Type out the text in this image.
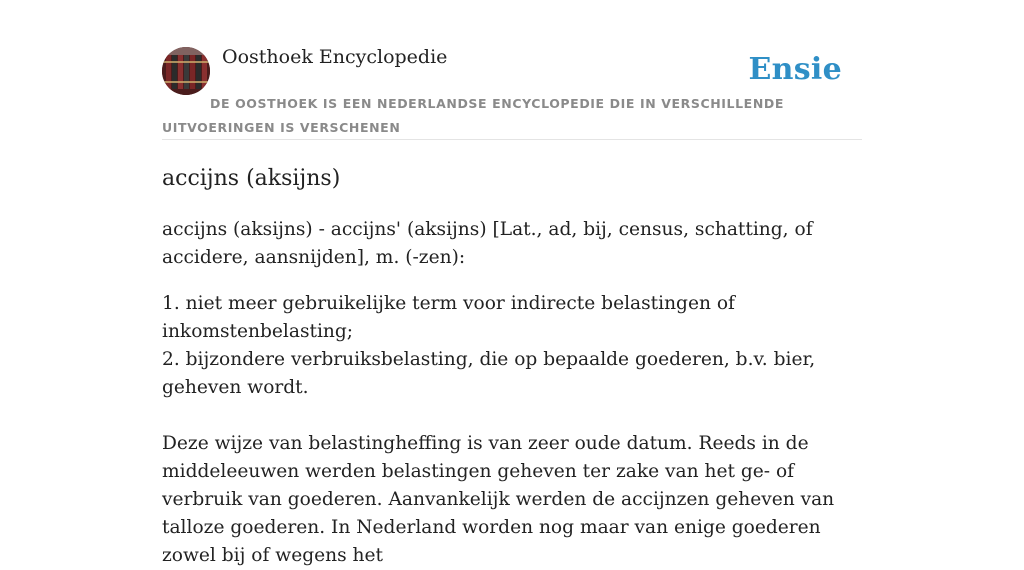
Oosthoek Encyclopedie	Ensie
DE OOSTHOEK IS EEN NEDERLANDSE ENCYCLOPEDIE DIE IN VERSCHILLENDE UITVOERINGEN IS VERSCHENEN
accijns (aksijns)

accijns (aksijns) - accijns' (aksijns) [Lat., ad, bij, census, schatting, of accidere, aansnijden], m. (-zen):

1. niet meer gebruikelijke term voor indirecte belastingen of inkomstenbelasting;
2. bijzondere verbruiksbelasting, die op bepaalde goederen, b.v. bier, geheven wordt.

Deze wijze van belastingheffing is van zeer oude datum. Reeds in de middeleeuwen werden belastingen geheven ter zake van het ge- of verbruik van goederen. Aanvankelijk werden de accijnzen geheven van talloze goederen. In Nederland worden nog maar van enige goederen zowel bij of wegens het
